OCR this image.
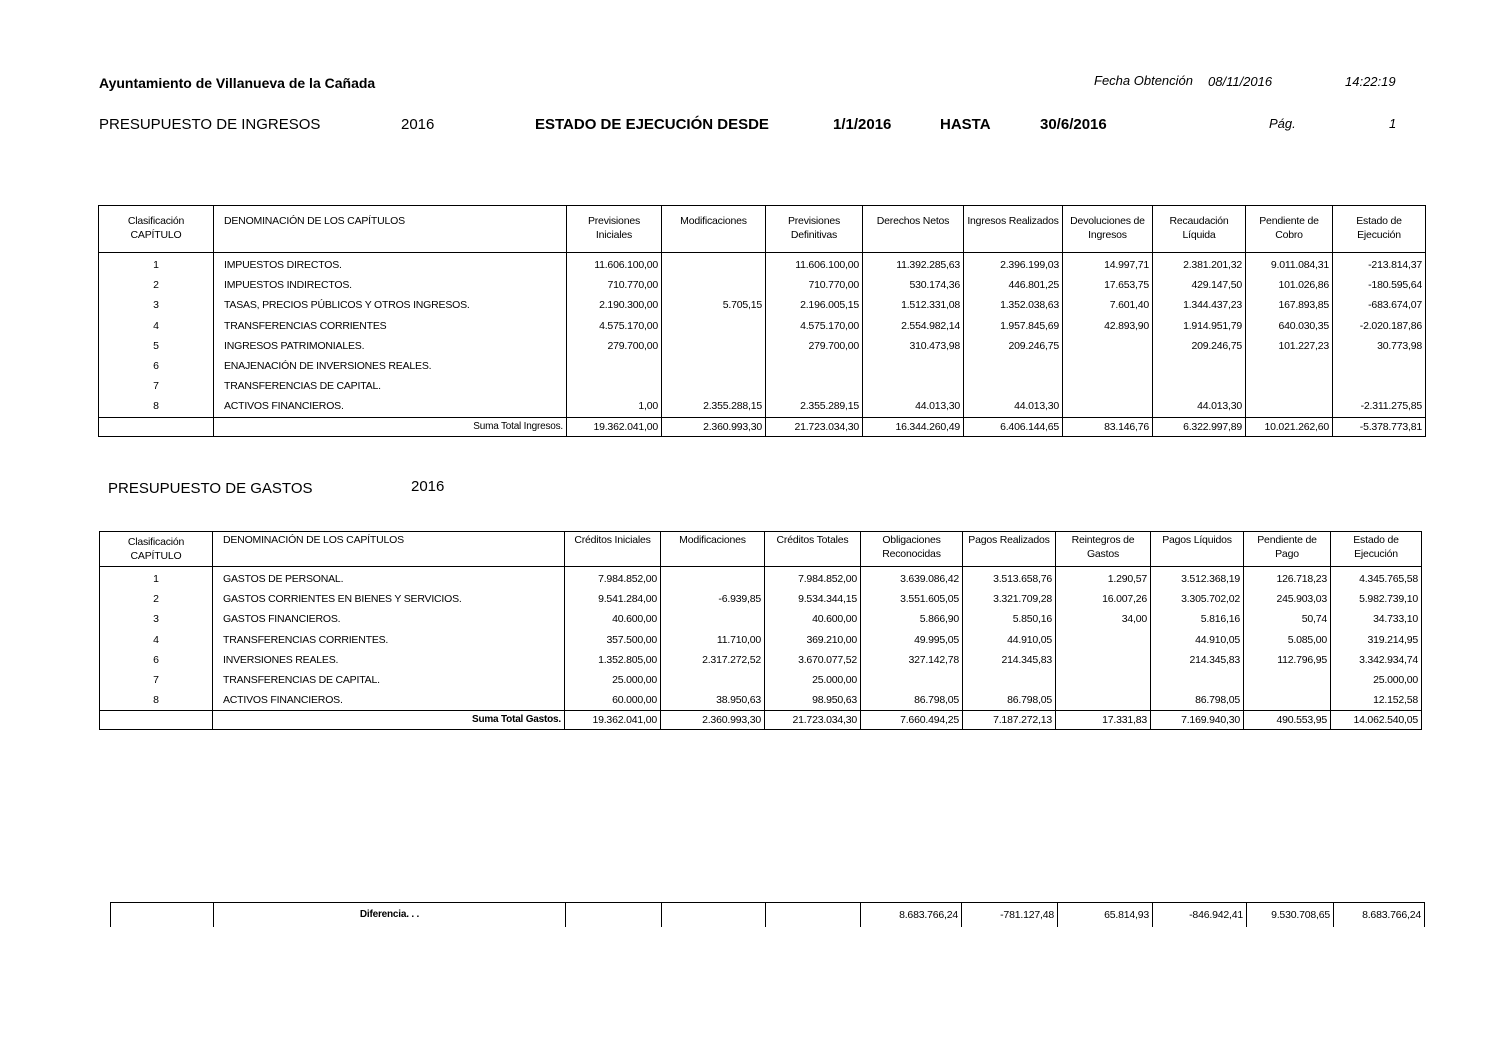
Ayuntamiento de Villanueva de la Cañada	Fecha Obtención 08/11/2016	14:22:19
PRESUPUESTO DE INGRESOS	2016	ESTADO DE EJECUCIÓN DESDE	1/1/2016	HASTA	30/6/2016	Pág.	1
Clasificación CAPÍTULO	DENOMINACIÓN DE LOS CAPÍTULOS	Previsiones Iniciales	Modificaciones	Previsiones Definitivas	Derechos Netos	Ingresos Realizados	Devoluciones de Ingresos	Recaudación Líquida	Pendiente de Cobro	Estado de Ejecución
1	IMPUESTOS DIRECTOS.	11.606.100,00		11.606.100,00	11.392.285,63	2.396.199,03	14.997,71	2.381.201,32	9.011.084,31	-213.814,37
2	IMPUESTOS INDIRECTOS.	710.770,00		710.770,00	530.174,36	446.801,25	17.653,75	429.147,50	101.026,86	-180.595,64
3	TASAS, PRECIOS PÚBLICOS Y OTROS INGRESOS.	2.190.300,00	5.705,15	2.196.005,15	1.512.331,08	1.352.038,63	7.601,40	1.344.437,23	167.893,85	-683.674,07
4	TRANSFERENCIAS CORRIENTES	4.575.170,00		4.575.170,00	2.554.982,14	1.957.845,69	42.893,90	1.914.951,79	640.030,35	-2.020.187,86
5	INGRESOS PATRIMONIALES.	279.700,00		279.700,00	310.473,98	209.246,75		209.246,75	101.227,23	30.773,98
6	ENAJENACIÓN DE INVERSIONES REALES.									
7	TRANSFERENCIAS DE CAPITAL.									
8	ACTIVOS FINANCIEROS.	1,00	2.355.288,15	2.355.289,15	44.013,30	44.013,30		44.013,30		-2.311.275,85
	Suma Total Ingresos.	19.362.041,00	2.360.993,30	21.723.034,30	16.344.260,49	6.406.144,65	83.146,76	6.322.997,89	10.021.262,60	-5.378.773,81
PRESUPUESTO DE GASTOS	2016
Clasificación CAPÍTULO	DENOMINACIÓN DE LOS CAPÍTULOS	Créditos Iniciales	Modificaciones	Créditos Totales	Obligaciones Reconocidas	Pagos Realizados	Reintegros de Gastos	Pagos Líquidos	Pendiente de Pago	Estado de Ejecución
1	GASTOS DE PERSONAL.	7.984.852,00		7.984.852,00	3.639.086,42	3.513.658,76	1.290,57	3.512.368,19	126.718,23	4.345.765,58
2	GASTOS CORRIENTES EN BIENES Y SERVICIOS.	9.541.284,00	-6.939,85	9.534.344,15	3.551.605,05	3.321.709,28	16.007,26	3.305.702,02	245.903,03	5.982.739,10
3	GASTOS FINANCIEROS.	40.600,00		40.600,00	5.866,90	5.850,16	34,00	5.816,16	50,74	34.733,10
4	TRANSFERENCIAS CORRIENTES.	357.500,00	11.710,00	369.210,00	49.995,05	44.910,05		44.910,05	5.085,00	319.214,95
6	INVERSIONES REALES.	1.352.805,00	2.317.272,52	3.670.077,52	327.142,78	214.345,83		214.345,83	112.796,95	3.342.934,74
7	TRANSFERENCIAS DE CAPITAL.	25.000,00		25.000,00						25.000,00
8	ACTIVOS FINANCIEROS.	60.000,00	38.950,63	98.950,63	86.798,05	86.798,05		86.798,05		12.152,58
	Suma Total Gastos.	19.362.041,00	2.360.993,30	21.723.034,30	7.660.494,25	7.187.272,13	17.331,83	7.169.940,30	490.553,95	14.062.540,05
	Diferencia. . .				8.683.766,24	-781.127,48	65.814,93	-846.942,41	9.530.708,65	8.683.766,24
